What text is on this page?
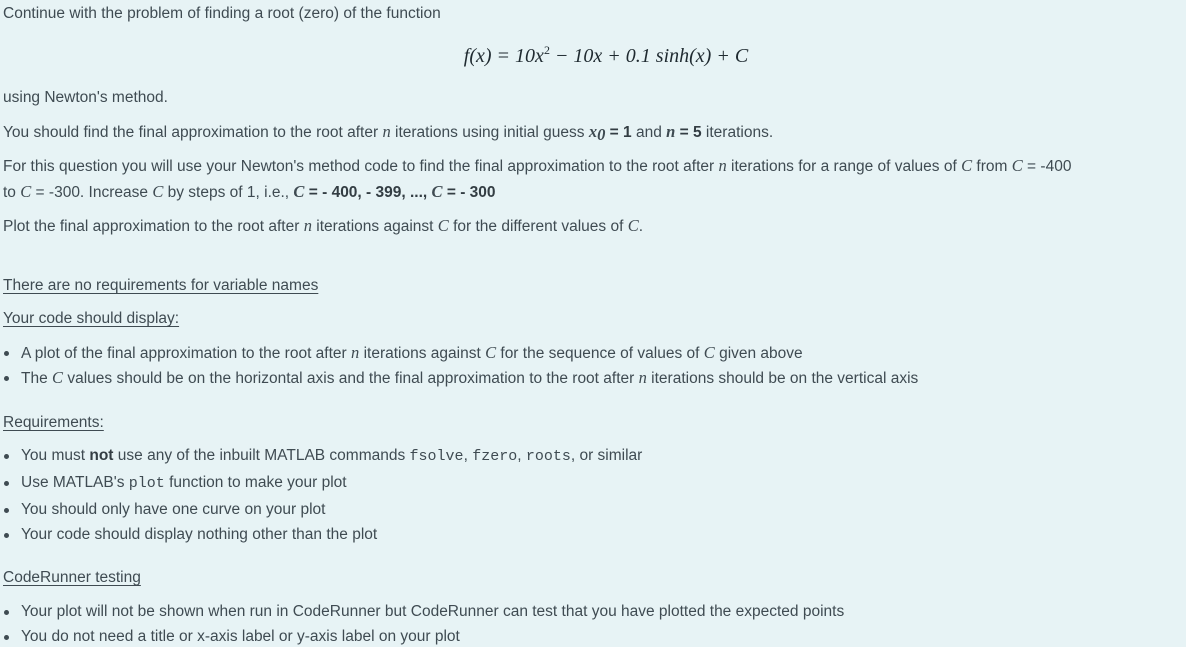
Continue with the problem of finding a root (zero) of the function
$f(x) = 10x^2 - 10x + 0.1$ sinh(x) + C
using Newton's method.
You should find the final approximation to the root after n iterations using initial guess $x_0 = 1$ and n = 5 iterations.
For this question you will use your Newton's method code to find the final approximation to the root after n iterations for a range of values of C from C = -400
to C = -300. Increase C by steps of 1, i.e., C = - 400, - 399, ..., C = - 300
Plot the final approximation to the root after n iterations against C for the different values of C.
There are no requirements for variable names
Your code should display:
A plot of the final approximation to the root after n iterations against C for the sequence of values of C given above
The C values should be on the horizontal axis and the final approximation to the root after n iterations should be on the vertical axis
Requirements:
You must not use any of the inbuilt MATLAB commands fsolve, fzero, roots, or similar
Use MATLAB's plot function to make your plot
You should only have one curve on your plot
Your code should display nothing other than the plot
CodeRunner testing
Your plot will not be shown when run in CodeRunner but CodeRunner can test that you have plotted the expected points
You do not need a title or x-axis label or y-axis label on your plot
